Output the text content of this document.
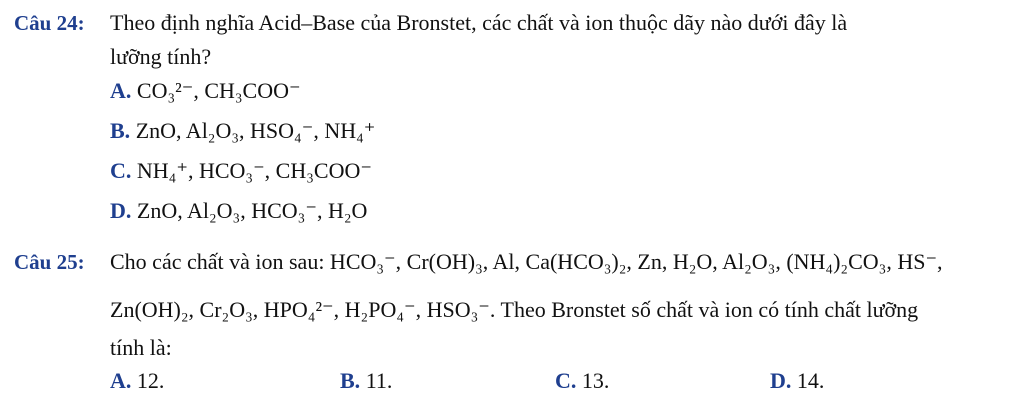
Câu 24: Theo định nghĩa Acid–Base của Bronstet, các chất và ion thuộc dãy nào dưới đây là
lưỡng tính?
A. CO₃²⁻, CH₃COO⁻
B. ZnO, Al₂O₃, HSO₄⁻, NH₄⁺
C. NH₄⁺, HCO₃⁻, CH₃COO⁻
D. ZnO, Al₂O₃, HCO₃⁻, H₂O
Câu 25: Cho các chất và ion sau: HCO₃⁻, Cr(OH)₃, Al, Ca(HCO₃)₂, Zn, H₂O, Al₂O₃, (NH₄)₂CO₃, HS⁻,
Zn(OH)₂, Cr₂O₃, HPO₄²⁻, H₂PO₄⁻, HSO₃⁻. Theo Bronstet số chất và ion có tính chất lưỡng
tính là:
A. 12.	B. 11.	C. 13.	D. 14.
